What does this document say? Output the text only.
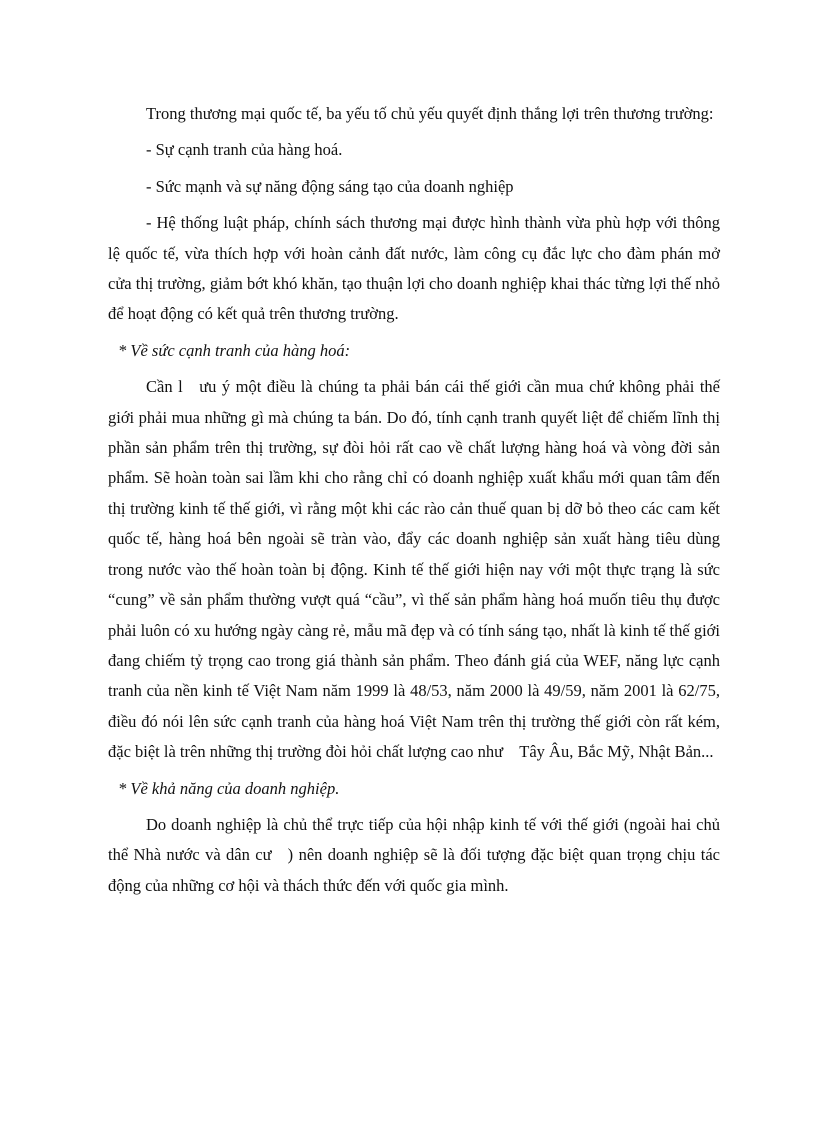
Trong thương mại quốc tế, ba yếu tố chủ yếu quyết định thắng lợi trên thương trường:

- Sự cạnh tranh của hàng hoá.

- Sức mạnh và sự năng động sáng tạo của doanh nghiệp

- Hệ thống luật pháp, chính sách thương mại được hình thành vừa phù hợp với thông lệ quốc tế, vừa thích hợp với hoàn cảnh đất nước, làm công cụ đắc lực cho đàm phán mở cửa thị trường, giảm bớt khó khăn, tạo thuận lợi cho doanh nghiệp khai thác từng lợi thế nhỏ để hoạt động có kết quả trên thương trường.

* Về sức cạnh tranh của hàng hoá:

Cần l   ưu ý một điều là chúng ta phải bán cái thế giới cần mua chứ không phải thế giới phải mua những gì mà chúng ta bán. Do đó, tính cạnh tranh quyết liệt để chiếm lĩnh thị phần sản phẩm trên thị trường, sự đòi hỏi rất cao về chất lượng hàng hoá và vòng đời sản phẩm. Sẽ hoàn toàn sai lầm khi cho rằng chỉ có doanh nghiệp xuất khẩu mới quan tâm đến thị trường kinh tế thế giới, vì rằng một khi các rào cản thuế quan bị dỡ bỏ theo các cam kết quốc tế, hàng hoá bên ngoài sẽ tràn vào, đẩy các doanh nghiệp sản xuất hàng tiêu dùng trong nước vào thế hoàn toàn bị động. Kinh tế thế giới hiện nay với một thực trạng là sức “cung” về sản phẩm thường vượt quá “cầu”, vì thế sản phẩm hàng hoá muốn tiêu thụ được phải luôn có xu hướng ngày càng rẻ, mẫu mã đẹp và có tính sáng tạo, nhất là kinh tế thế giới đang chiếm tỷ trọng cao trong giá thành sản phẩm. Theo đánh giá của WEF, năng lực cạnh tranh của nền kinh tế Việt Nam năm 1999 là 48/53, năm 2000 là 49/59, năm 2001 là 62/75, điều đó nói lên sức cạnh tranh của hàng hoá Việt Nam trên thị trường thế giới còn rất kém, đặc biệt là trên những thị trường đòi hỏi chất lượng cao như    Tây Âu, Bắc Mỹ, Nhật Bản...

* Về khả năng của doanh nghiệp.

Do doanh nghiệp là chủ thể trực tiếp của hội nhập kinh tế với thế giới (ngoài hai chủ thể Nhà nước và dân cư   ) nên doanh nghiệp sẽ là đối tượng đặc biệt quan trọng chịu tác động của những cơ hội và thách thức đến với quốc gia mình.
